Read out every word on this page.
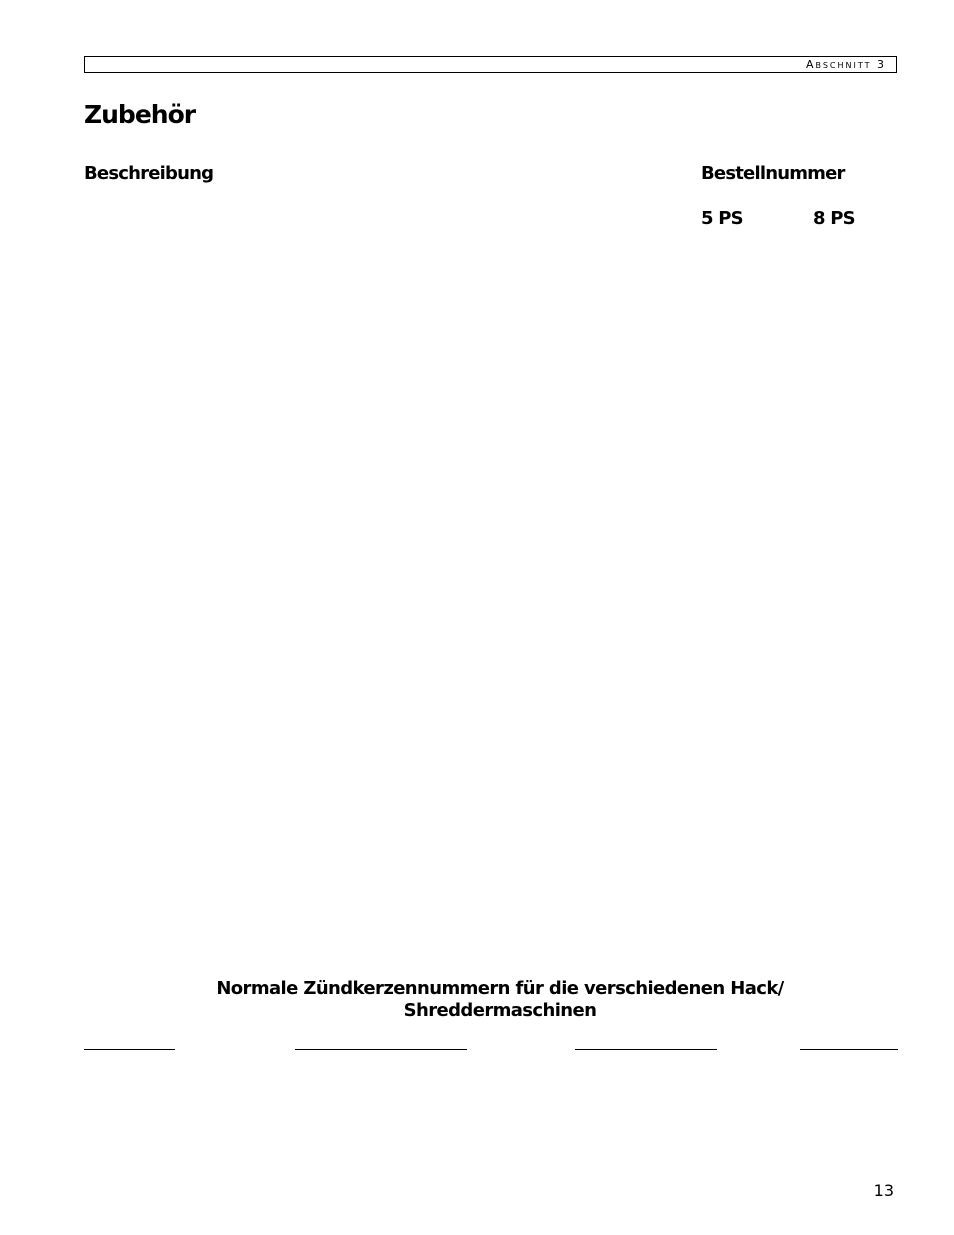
Abschnitt 3
Zubehör
Beschreibung	Bestellnummer
5 PS	8 PS
Normale Zündkerzennummern für die verschiedenen Hack/
Shreddermaschinen
13
